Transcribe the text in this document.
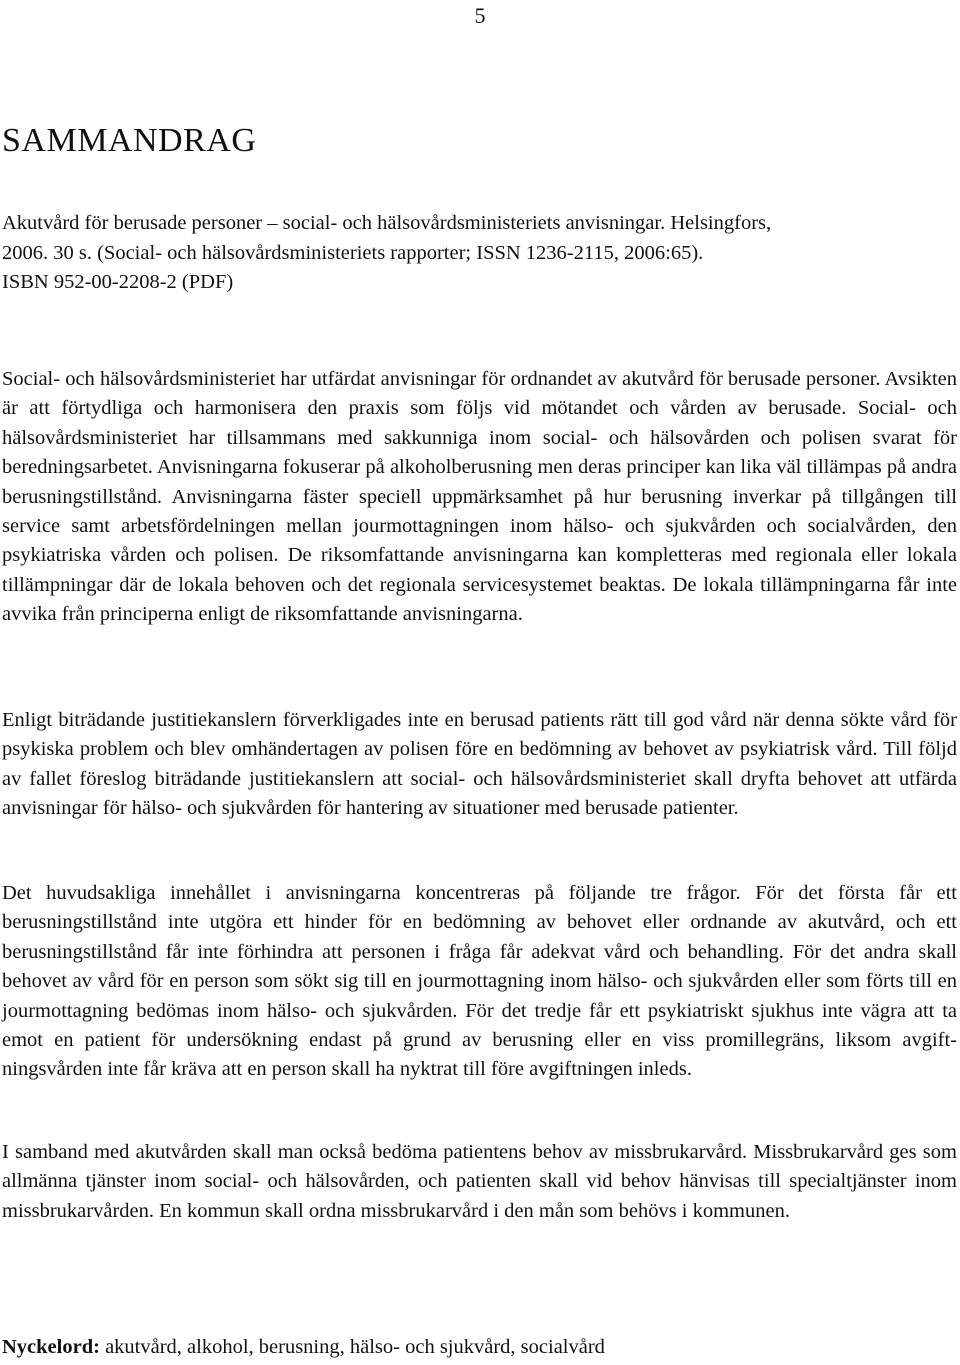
5
SAMMANDRAG
Akutvård för berusade personer – social- och hälsovårdsministeriets anvisningar. Helsingfors,
2006. 30 s. (Social- och hälsovårdsministeriets rapporter; ISSN 1236-2115, 2006:65).
ISBN 952-00-2208-2 (PDF)

Social- och hälsovårdsministeriet har utfärdat anvisningar för ordnandet av akutvård för berusade personer. Avsikten är att förtydliga och harmonisera den praxis som följs vid mötandet och vården av berusade. Social- och hälsovårdsministeriet har tillsammans med sakkunniga inom social- och hälsovården och polisen svarat för beredningsarbetet. Anvisningarna fokuserar på alkoholberusning men deras principer kan lika väl tillämpas på andra berusningstillstånd. Anvisningarna fäster speciell uppmärksamhet på hur berusning inverkar på tillgången till service samt arbetsfördelningen mellan jourmottagningen inom hälso- och sjukvården och socialvården, den psykiatriska vården och polisen. De riksomfattande anvisningarna kan kompletteras med regionala eller lokala tillämpningar där de lokala behoven och det regionala servicesystemet beaktas. De lokala tillämpningarna får inte avvika från principerna enligt de riksomfattande anvisningarna.

Enligt biträdande justitiekanslern förverkligades inte en berusad patients rätt till god vård när denna sökte vård för psykiska problem och blev omhändertagen av polisen före en bedömning av behovet av psykiatrisk vård. Till följd av fallet föreslog biträdande justitiekanslern att social- och hälsovårdsministeriet skall dryfta behovet att utfärda anvisningar för hälso- och sjukvården för hantering av situationer med berusade patienter.

Det huvudsakliga innehållet i anvisningarna koncentreras på följande tre frågor. För det första får ett berusningstillstånd inte utgöra ett hinder för en bedömning av behovet eller ordnande av akutvård, och ett berusningstillstånd får inte förhindra att personen i fråga får adekvat vård och behandling. För det andra skall behovet av vård för en person som sökt sig till en jourmottagning inom hälso- och sjukvården eller som förts till en jourmottagning bedömas inom hälso- och sjukvården. För det tredje får ett psykiatriskt sjukhus inte vägra att ta emot en patient för undersökning endast på grund av berusning eller en viss promillegräns, liksom avgiftningsvården inte får kräva att en person skall ha nyktrat till före avgiftningen inleds.

I samband med akutvården skall man också bedöma patientens behov av missbrukarvård. Missbrukarvård ges som allmänna tjänster inom social- och hälsovården, och patienten skall vid behov hänvisas till specialtjänster inom missbrukarvården. En kommun skall ordna missbrukarvård i den mån som behövs i kommunen.

Nyckelord: akutvård, alkohol, berusning, hälso- och sjukvård, socialvård
